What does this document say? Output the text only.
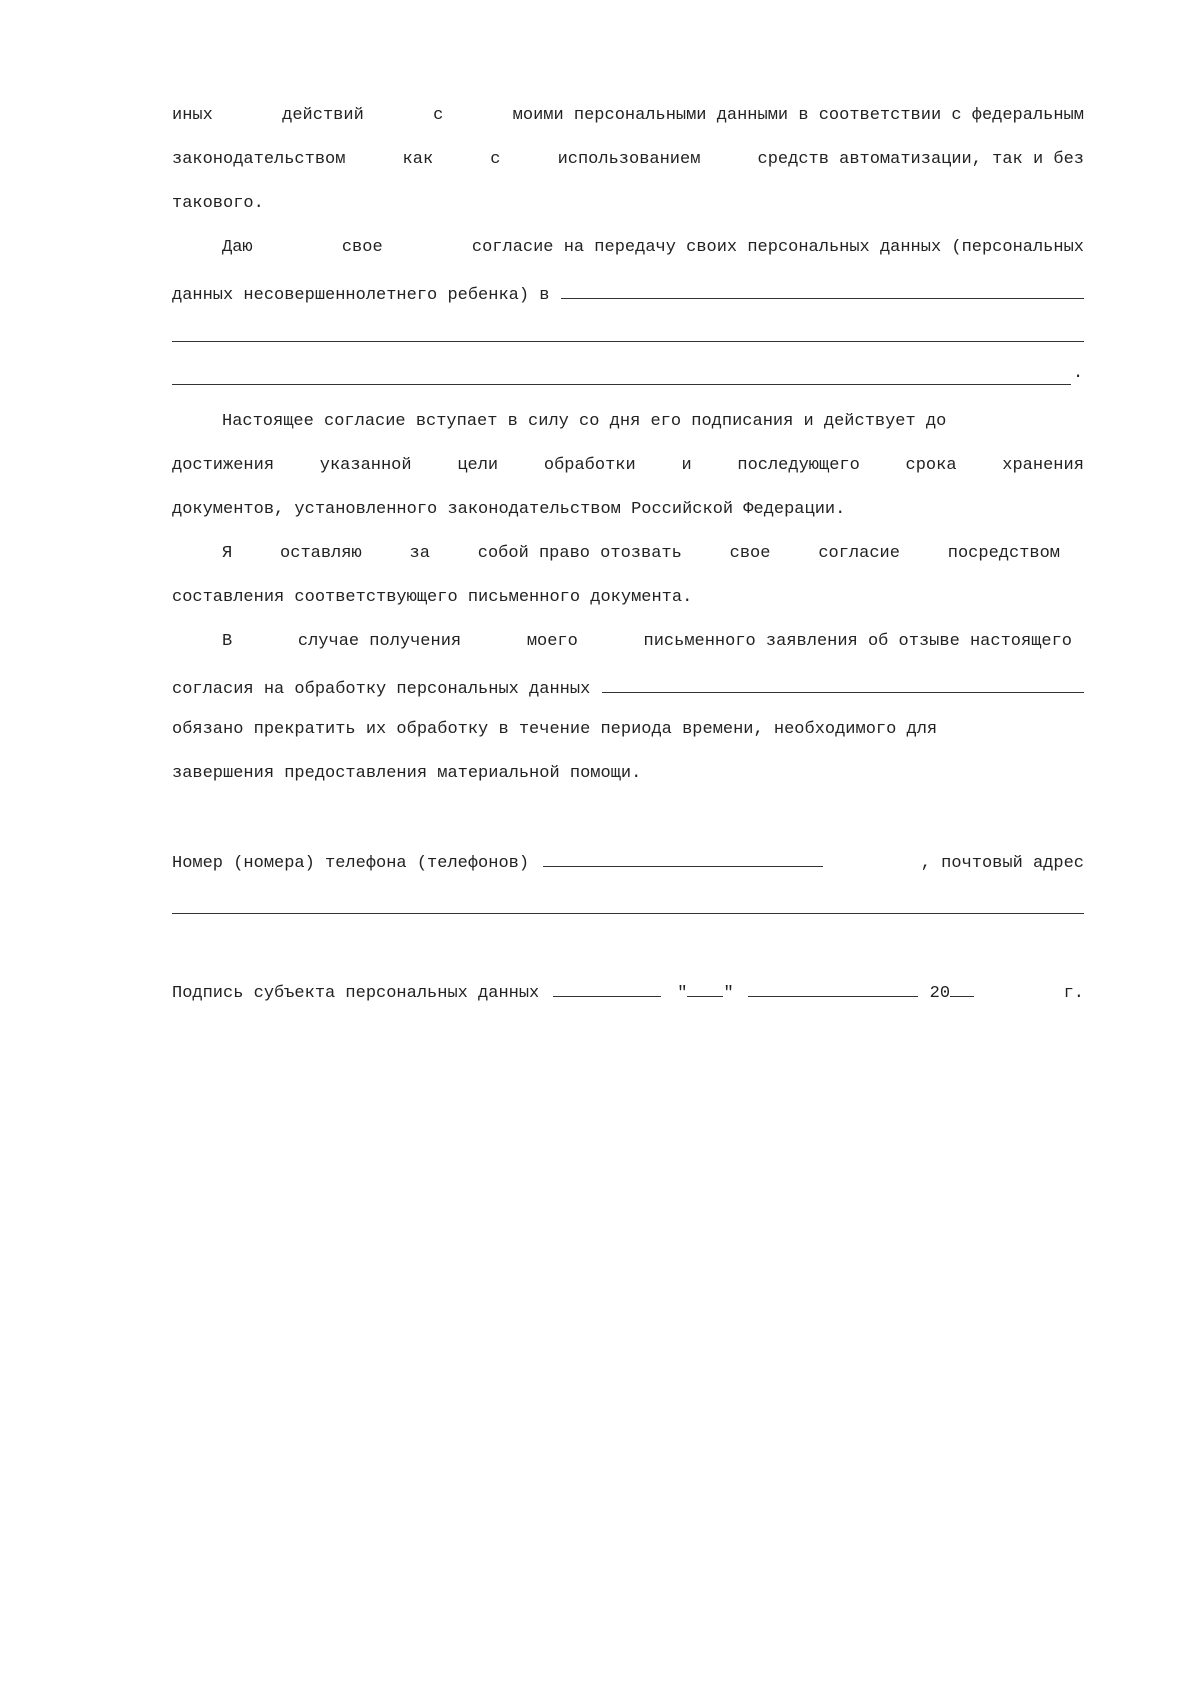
иных	действий	с	моими персональными данными в соответствии с федеральным
законодательством	как	с	использованием	средств автоматизации, так и без
такового.
Даю	свое	согласие на передачу своих персональных данных (персональных
данных несовершеннолетнего ребенка) в
.
Настоящее согласие вступает в силу со дня его подписания и действует до
достижения	указанной	цели	обработки	и	последующего	срока	хранения
документов, установленного законодательством Российской Федерации.
Я	оставляю	за	собой право отозвать	свое	согласие	посредством
составления соответствующего письменного документа.
В	случае получения	моего	письменного заявления об отзыве настоящего
согласия на обработку персональных данных
обязано прекратить их обработку в течение периода времени, необходимого для
завершения предоставления материальной помощи.
Номер (номера) телефона (телефонов)	, почтовый адрес
Подпись субъекта персональных данных	" "	20	г.
